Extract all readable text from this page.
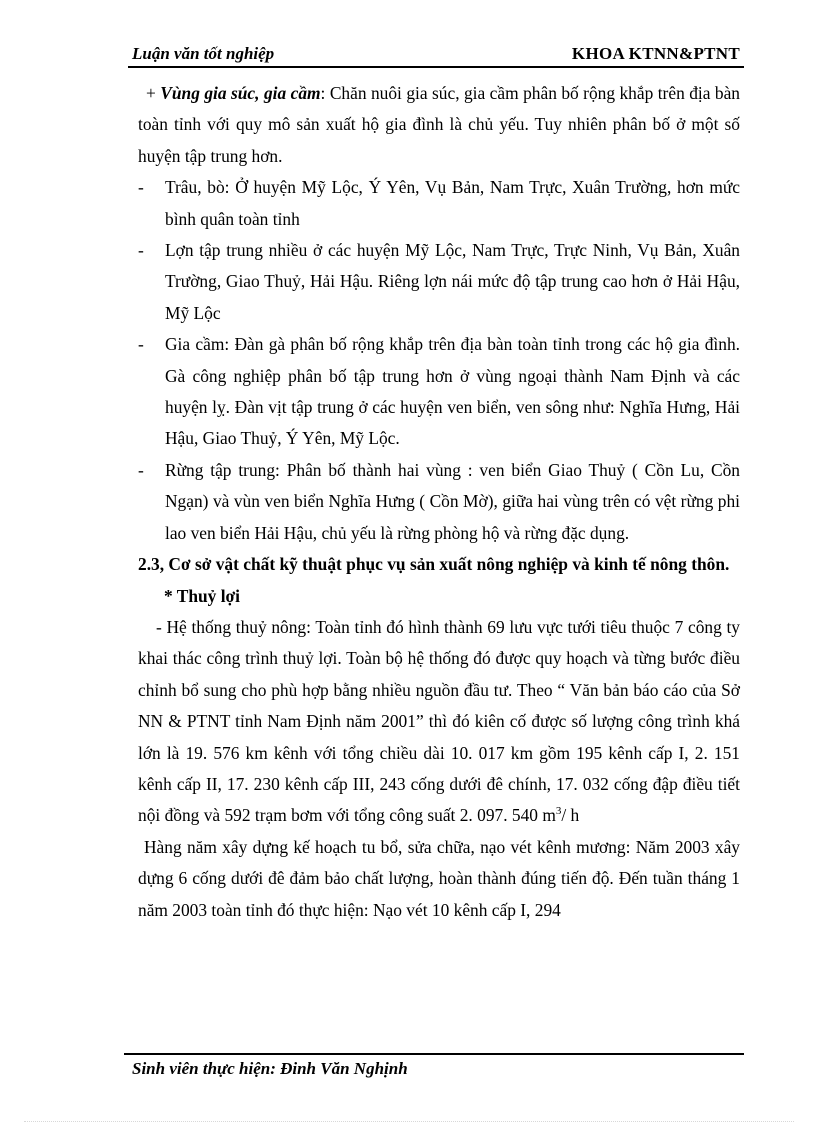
Luận văn tốt nghiệp	KHOA KTNN&PTNT

+ Vùng gia súc, gia cầm: Chăn nuôi gia súc, gia cầm phân bố rộng khắp trên địa bàn toàn tỉnh với quy mô sản xuất hộ gia đình là chủ yếu. Tuy nhiên phân bố ở một số huyện tập trung hơn.

-	Trâu, bò: Ở huyện Mỹ Lộc, Ý Yên, Vụ Bản, Nam Trực, Xuân Trường, hơn mức bình quân toàn tỉnh

-	Lợn tập trung nhiều ở các huyện Mỹ Lộc, Nam Trực, Trực Ninh, Vụ Bản, Xuân Trường, Giao Thuỷ, Hải Hậu. Riêng lợn nái mức độ tập trung cao hơn ở Hải Hậu, Mỹ Lộc

-	Gia cầm: Đàn gà phân bố rộng khắp trên địa bàn toàn tỉnh trong các hộ gia đình. Gà công nghiệp phân bố tập trung hơn ở vùng ngoại thành Nam Định và các huyện lỵ. Đàn vịt tập trung ở các huyện ven biển, ven sông như: Nghĩa Hưng, Hải Hậu, Giao Thuỷ, Ý Yên, Mỹ Lộc.

-	Rừng tập trung: Phân bố thành hai vùng : ven biển Giao Thuỷ ( Cồn Lu, Cồn Ngạn) và vùn ven biển Nghĩa Hưng ( Cồn Mờ), giữa hai vùng trên có vệt rừng phi lao ven biển Hải Hậu, chủ yếu là rừng phòng hộ và rừng đặc dụng.

2.3, Cơ sở vật chất kỹ thuật phục vụ sản xuất nông nghiệp và kinh tế nông thôn.

* Thuỷ lợi

- Hệ thống thuỷ nông: Toàn tỉnh đó hình thành 69 lưu vực tưới tiêu thuộc 7 công ty khai thác công trình thuỷ lợi. Toàn bộ hệ thống đó được quy hoạch và từng bước điều chỉnh bổ sung cho phù hợp bằng nhiều nguồn đầu tư. Theo “ Văn bản báo cáo của Sở NN & PTNT tỉnh Nam Định năm 2001” thì đó kiên cố được số lượng công trình khá lớn là 19. 576 km kênh với tổng chiều dài 10. 017 km gồm 195 kênh cấp I, 2. 151 kênh cấp II, 17. 230 kênh cấp III, 243 cống dưới đê chính, 17. 032 cống đập điều tiết nội đồng và 592 trạm bơm với tổng công suất 2. 097. 540 $m^3/$ h

Hàng năm xây dựng kế hoạch tu bổ, sửa chữa, nạo vét kênh mương: Năm 2003 xây dựng 6 cống dưới đê đảm bảo chất lượng, hoàn thành đúng tiến độ. Đến tuần tháng 1 năm 2003 toàn tỉnh đó thực hiện: Nạo vét 10 kênh cấp I, 294

Sinh viên thực hiện: Đinh Văn Nghịnh
